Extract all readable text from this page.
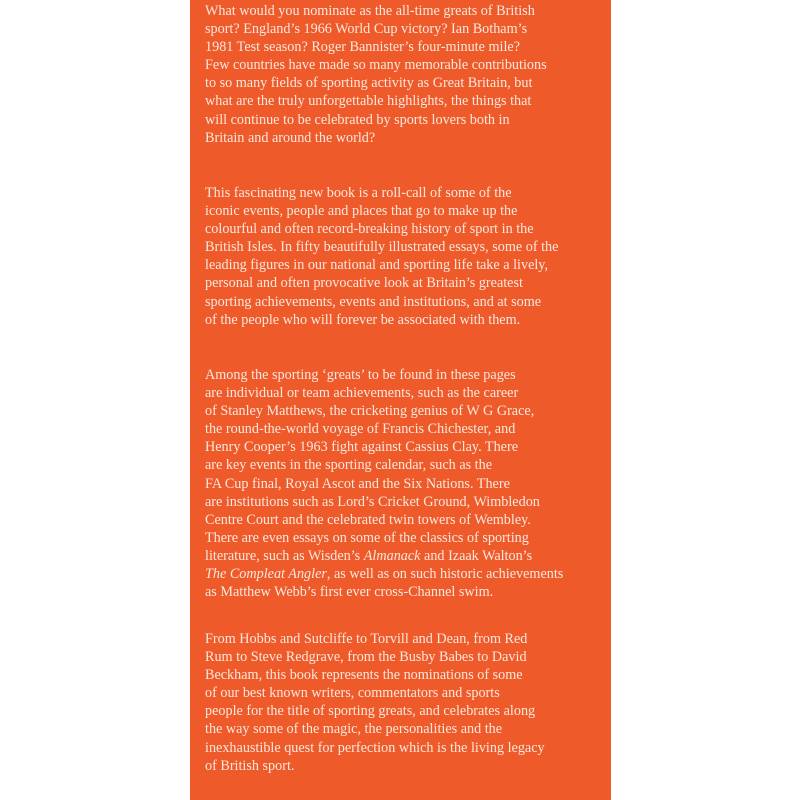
What would you nominate as the all-time greats of British
sport? England’s 1966 World Cup victory? Ian Botham’s
1981 Test season? Roger Bannister’s four-minute mile?
Few countries have made so many memorable contributions
to so many fields of sporting activity as Great Britain, but
what are the truly unforgettable highlights, the things that
will continue to be celebrated by sports lovers both in
Britain and around the world?

This fascinating new book is a roll-call of some of the
iconic events, people and places that go to make up the
colourful and often record-breaking history of sport in the
British Isles. In fifty beautifully illustrated essays, some of the
leading figures in our national and sporting life take a lively,
personal and often provocative look at Britain’s greatest
sporting achievements, events and institutions, and at some
of the people who will forever be associated with them.

Among the sporting ‘greats’ to be found in these pages
are individual or team achievements, such as the career
of Stanley Matthews, the cricketing genius of W G Grace,
the round-the-world voyage of Francis Chichester, and
Henry Cooper’s 1963 fight against Cassius Clay. There
are key events in the sporting calendar, such as the
FA Cup final, Royal Ascot and the Six Nations. There
are institutions such as Lord’s Cricket Ground, Wimbledon
Centre Court and the celebrated twin towers of Wembley.
There are even essays on some of the classics of sporting
literature, such as Wisden’s Almanack and Izaak Walton’s
The Compleat Angler, as well as on such historic achievements
as Matthew Webb’s first ever cross-Channel swim.

From Hobbs and Sutcliffe to Torvill and Dean, from Red
Rum to Steve Redgrave, from the Busby Babes to David
Beckham, this book represents the nominations of some
of our best known writers, commentators and sports
people for the title of sporting greats, and celebrates along
the way some of the magic, the personalities and the
inexhaustible quest for perfection which is the living legacy
of British sport.
